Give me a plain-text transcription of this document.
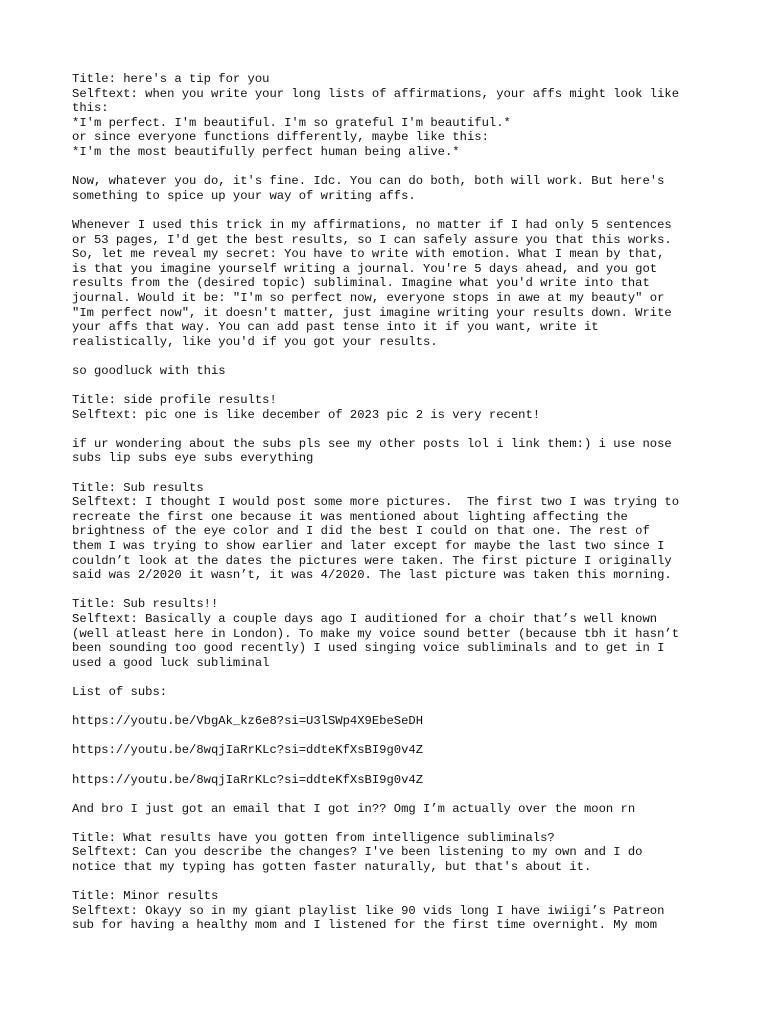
Title: here's a tip for you
Selftext: when you write your long lists of affirmations, your affs might look like
this:
*I'm perfect. I'm beautiful. I'm so grateful I'm beautiful.*
or since everyone functions differently, maybe like this:
*I'm the most beautifully perfect human being alive.*
Now, whatever you do, it's fine. Idc. You can do both, both will work. But here's
something to spice up your way of writing affs.
Whenever I used this trick in my affirmations, no matter if I had only 5 sentences
or 53 pages, I'd get the best results, so I can safely assure you that this works.
So, let me reveal my secret: You have to write with emotion. What I mean by that,
is that you imagine yourself writing a journal. You're 5 days ahead, and you got
results from the (desired topic) subliminal. Imagine what you'd write into that
journal. Would it be: "I'm so perfect now, everyone stops in awe at my beauty" or
"Im perfect now", it doesn't matter, just imagine writing your results down. Write
your affs that way. You can add past tense into it if you want, write it
realistically, like you'd if you got your results.
so goodluck with this
Title: side profile results!
Selftext: pic one is like december of 2023 pic 2 is very recent!
if ur wondering about the subs pls see my other posts lol i link them:) i use nose
subs lip subs eye subs everything
Title: Sub results
Selftext: I thought I would post some more pictures.  The first two I was trying to
recreate the first one because it was mentioned about lighting affecting the
brightness of the eye color and I did the best I could on that one. The rest of
them I was trying to show earlier and later except for maybe the last two since I
couldn’t look at the dates the pictures were taken. The first picture I originally
said was 2/2020 it wasn’t, it was 4/2020. The last picture was taken this morning.
Title: Sub results!!
Selftext: Basically a couple days ago I auditioned for a choir that’s well known
(well atleast here in London). To make my voice sound better (because tbh it hasn’t
been sounding too good recently) I used singing voice subliminals and to get in I
used a good luck subliminal
List of subs:
https://youtu.be/VbgAk_kz6e8?si=U3lSWp4X9EbeSeDH
https://youtu.be/8wqjIaRrKLc?si=ddteKfXsBI9g0v4Z
https://youtu.be/8wqjIaRrKLc?si=ddteKfXsBI9g0v4Z
And bro I just got an email that I got in?? Omg I’m actually over the moon rn
Title: What results have you gotten from intelligence subliminals?
Selftext: Can you describe the changes? I've been listening to my own and I do
notice that my typing has gotten faster naturally, but that's about it.
Title: Minor results
Selftext: Okayy so in my giant playlist like 90 vids long I have iwiigi’s Patreon
sub for having a healthy mom and I listened for the first time overnight. My mom
